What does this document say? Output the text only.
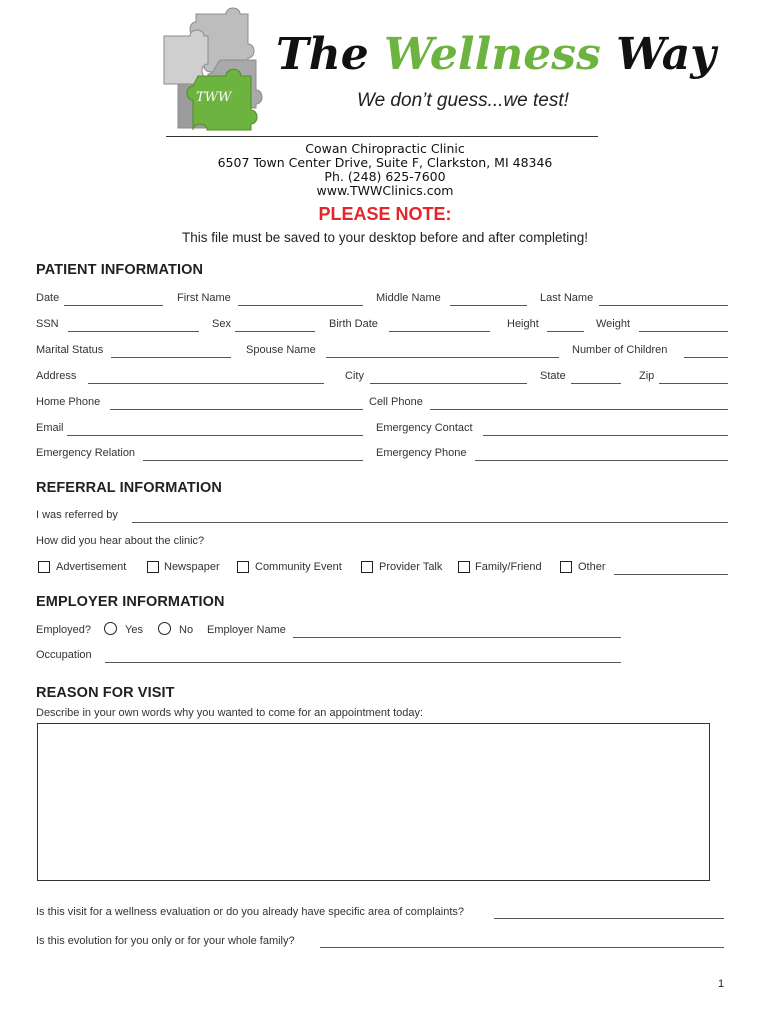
TWW
The Wellness Way
We don’t guess...we test!
Cowan Chiropractic Clinic
6507 Town Center Drive, Suite F, Clarkston, MI 48346
Ph. (248) 625-7600
www.TWWClinics.com
PLEASE NOTE:
This file must be saved to your desktop before and after completing!
PATIENT INFORMATION
Date	First Name	Middle Name	Last Name
SSN	Sex	Birth Date	Height	Weight
Marital Status	Spouse Name	Number of Children
Address	City	State	Zip
Home Phone	Cell Phone
Email	Emergency Contact
Emergency Relation	Emergency Phone
REFERRAL INFORMATION
I was referred by
How did you hear about the clinic?
Advertisement	Newspaper	Community Event	Provider Talk	Family/Friend	Other
EMPLOYER INFORMATION
Employed?	Yes	No Employer Name
Occupation
REASON FOR VISIT
Describe in your own words why you wanted to come for an appointment today:
Is this visit for a wellness evaluation or do you already have specific area of complaints?
Is this evolution for you only or for your whole family?
1
